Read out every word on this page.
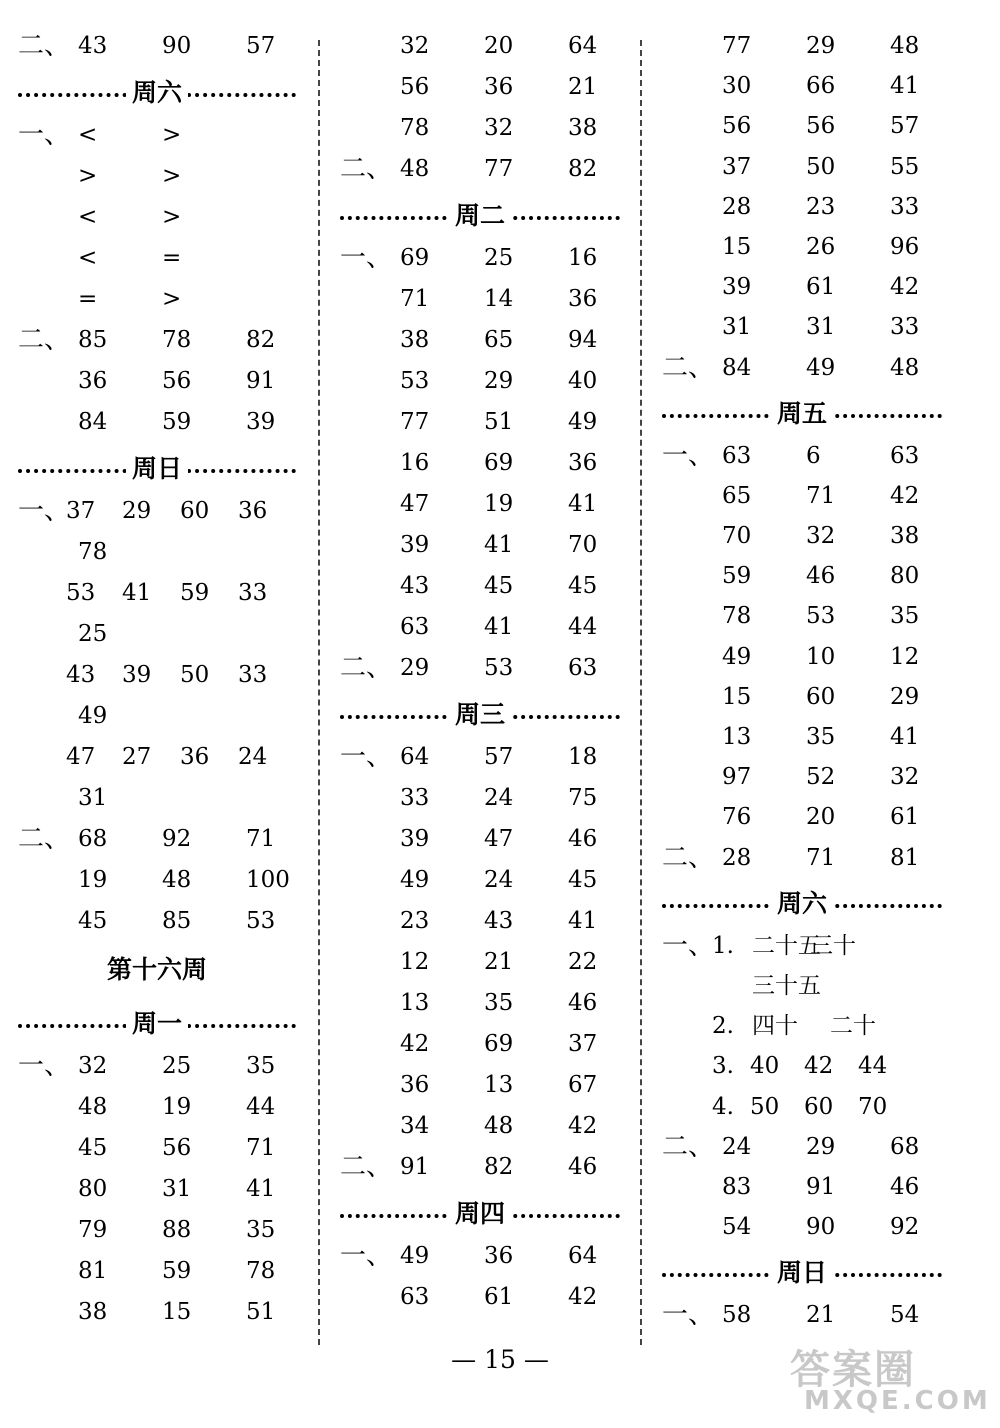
二、 43 90 57
周六
一、 <	>
>	>
<	>
<	=
=	>
二、 85 78 82
36 56 91
84 59 39
周日
一、
37 29 60 36
78
53 41 59 33
25
43 39 50 33
49
47 27 36 24
31
二、 68 92 71
19 48 100
45 85 53
第十六周
周一
一、 32 25 35
48 19 44
45 56 71
80 31 41
79 88 35
81 59 78
38 15 51
32 20 64
56 36 21
78 32 38
二、 48 77 82
周二
一、 69 25 16
71 14 36
38 65 94
53 29 40
77 51 49
16 69 36
47 19 41
39 41 70
43 45 45
63 41 44
二、 29 53 63
周三
一、 64 57 18
33 24 75
39 47 46
49 24 45
23 43 41
12 21 22
13 35 46
42 69 37
36 13 67
34 48 42
二、 91 82 46
周四
一、 49 36 64
63 61 42
77 29 48
30 66 41
56 56 57
37 50 55
28 23 33
15 26 96
39 61 42
31 31 33
二、 84 49 48
周五
一、 63 6	63
65 71 42
70 32 38
59 46 80
78 53 35
49 10 12
15 60 29
13 35 41
97 52 32
76 20 61
二、 28 71 81
周六
一、
1. 二十五
三十
三十五
2. 四十 二十
3. 40 42 44
4. 50 60 70
二、 24 29 68
83 91 46
54 90 92
周日
一、 58 21 54
— 15 —	答案圈
MXQE.COM
